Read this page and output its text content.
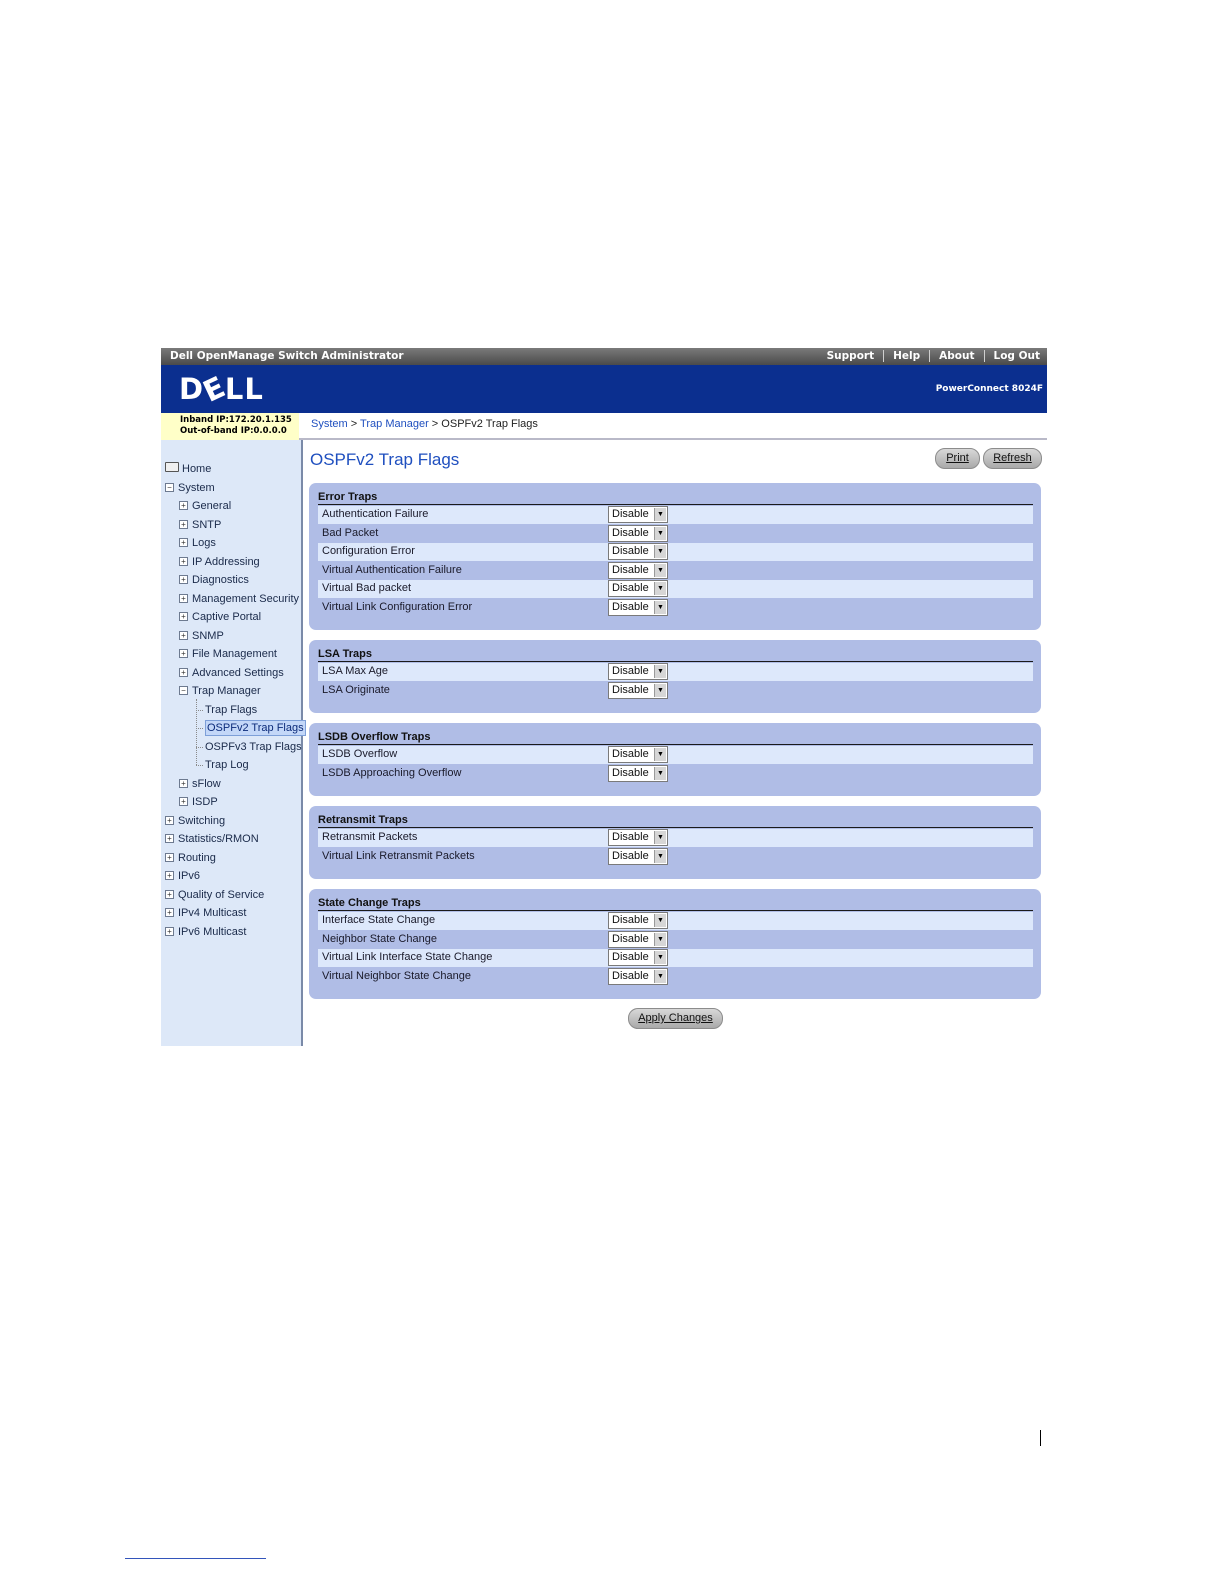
Dell OpenManage Switch Administrator	Support	Help	About	Log Out
DELL	PowerConnect 8024F
Inband IP:172.20.1.135
Out-of-band IP:0.0.0.0
System > Trap Manager > OSPFv2 Trap Flags
Home
− System
+ General
+ SNTP
+ Logs
+ IP Addressing
+ Diagnostics
+ Management Security
+ Captive Portal
+ SNMP
+ File Management
+ Advanced Settings
− Trap Manager
Trap Flags
OSPFv2 Trap Flags
OSPFv3 Trap Flags
Trap Log
+ sFlow
+ ISDP
+ Switching
+ Statistics/RMON
+ Routing
+ IPv6
+ Quality of Service
+ IPv4 Multicast
+ IPv6 Multicast
OSPFv2 Trap Flags	Print	Refresh
Error Traps
Authentication Failure	Disable	▼
Bad Packet	Disable	▼
Configuration Error	Disable	▼
Virtual Authentication Failure	Disable	▼
Virtual Bad packet	Disable	▼
Virtual Link Configuration Error	Disable	▼
LSA Traps
LSA Max Age	Disable	▼
LSA Originate	Disable	▼
LSDB Overflow Traps
LSDB Overflow	Disable	▼
LSDB Approaching Overflow	Disable	▼
Retransmit Traps
Retransmit Packets	Disable	▼
Virtual Link Retransmit Packets	Disable	▼
State Change Traps
Interface State Change	Disable	▼
Neighbor State Change	Disable	▼
Virtual Link Interface State Change	Disable	▼
Virtual Neighbor State Change	Disable	▼
Apply Changes
